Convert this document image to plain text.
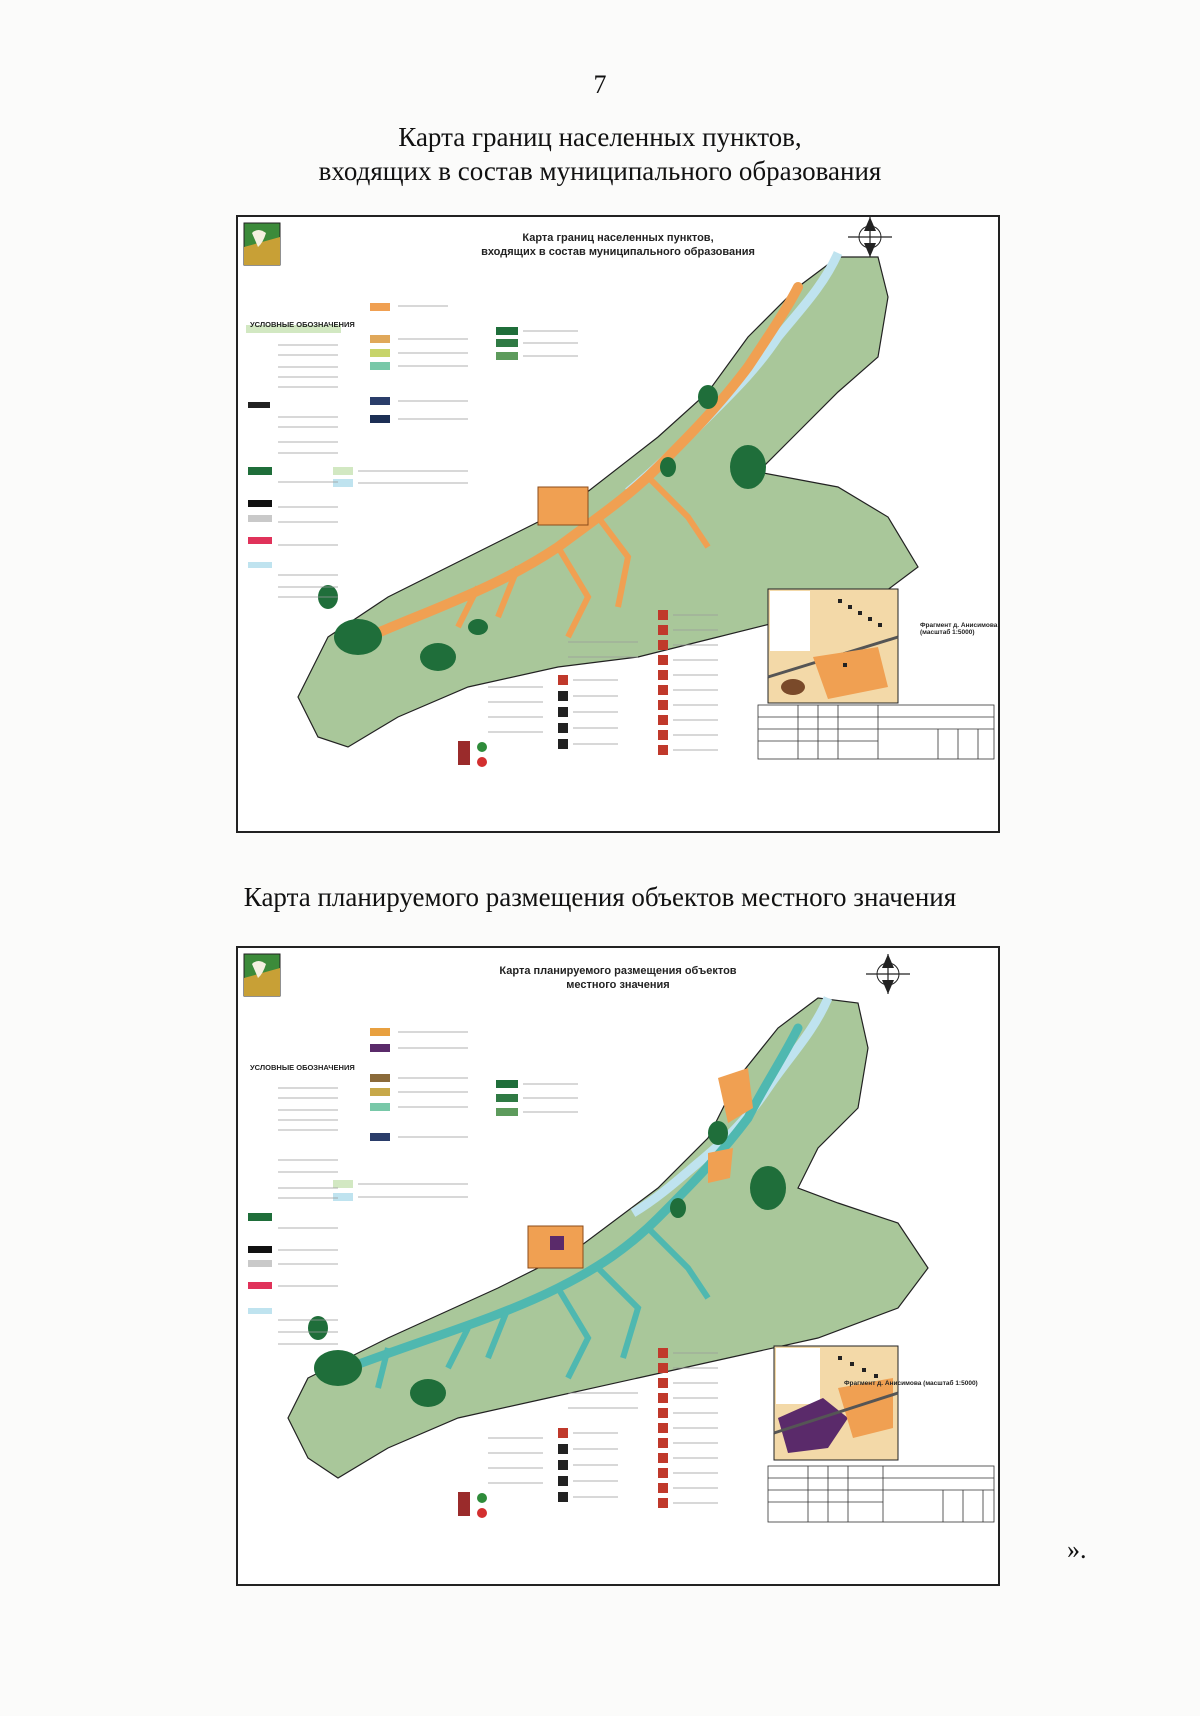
7
Карта границ населенных пунктов,
входящих в состав муниципального образования
Карта границ населенных пунктов,
входящих в состав муниципального образования
УСЛОВНЫЕ ОБОЗНАЧЕНИЯ
Фрагмент д. Анисимова (масштаб 1:5000)
Карта планируемого размещения объектов местного значения
Карта планируемого размещения объектов
местного значения
УСЛОВНЫЕ ОБОЗНАЧЕНИЯ
Фрагмент д. Анисимова (масштаб 1:5000)
».
